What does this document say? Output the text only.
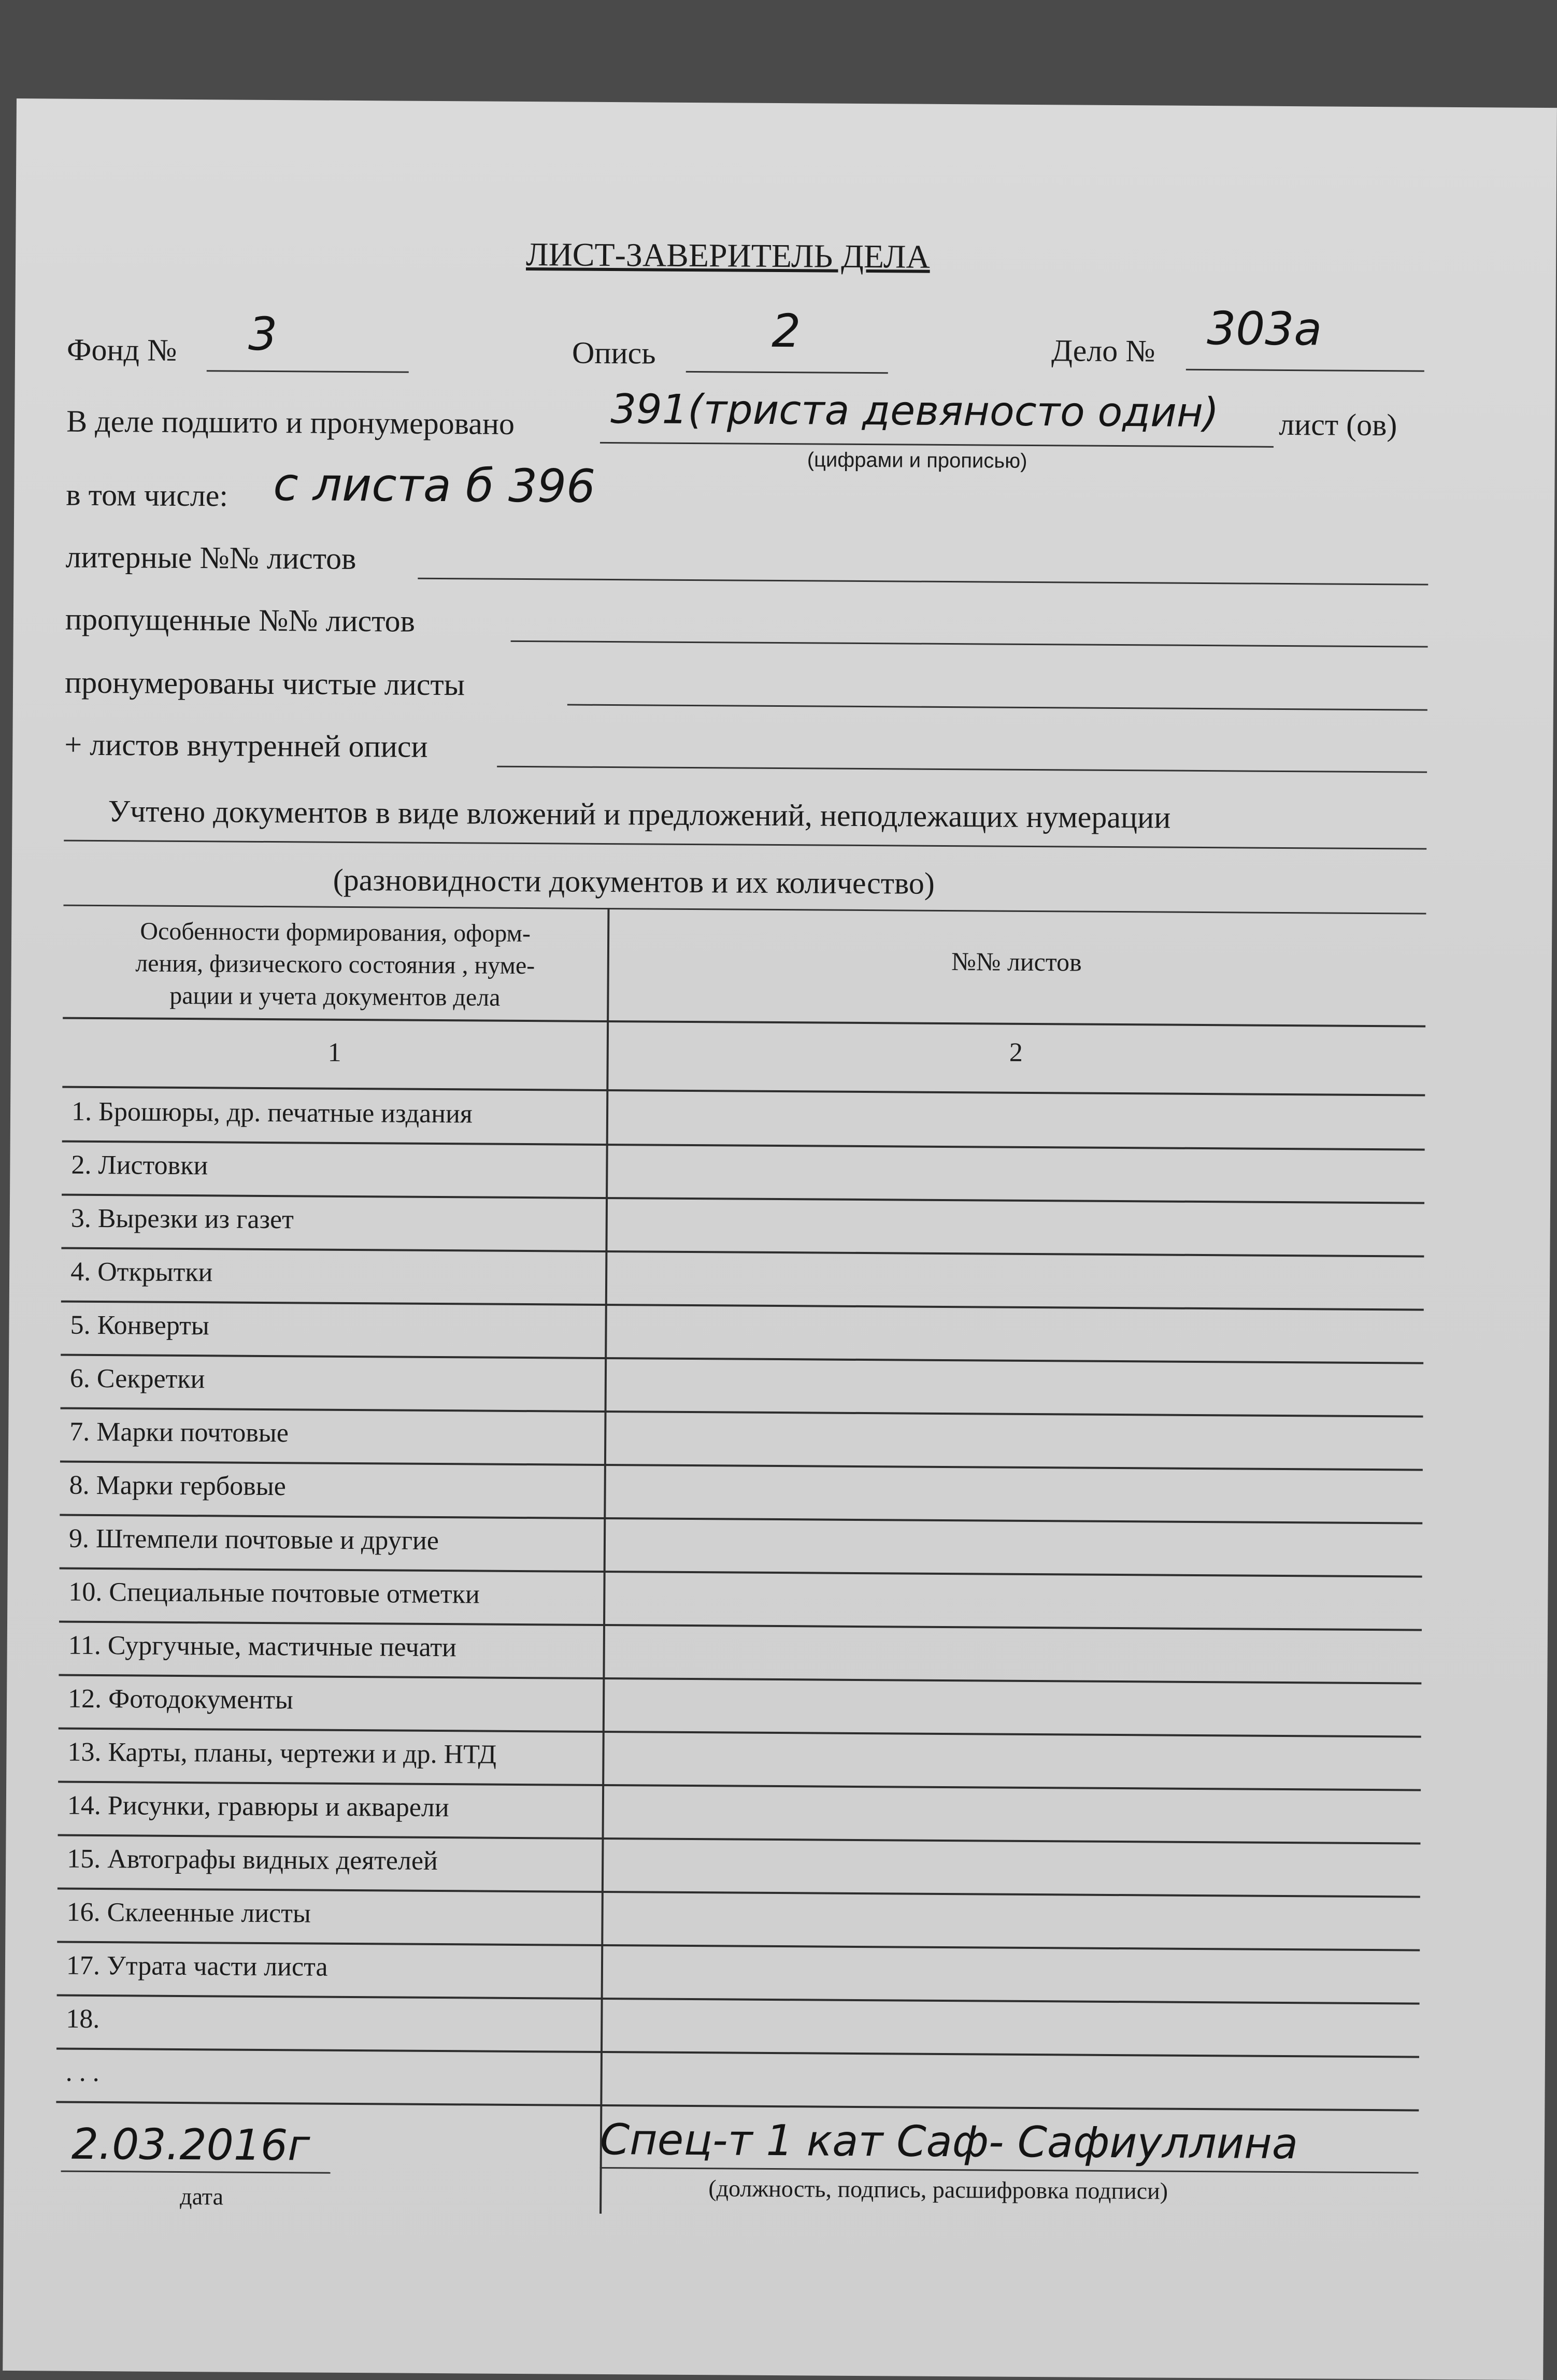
ЛИСТ-ЗАВЕРИТЕЛЬ ДЕЛА
Фонд № 3	Опись	2	Дело № 303а
В деле подшито и пронумеровано 391(триста девяносто один) лист (ов)
(цифрами и прописью)
в том числе: с листа б 396
литерные №№ листов
пропущенные №№ листов
пронумерованы чистые листы
+ листов внутренней описи
Учтено документов в виде вложений и предложений, неподлежащих нумерации
(разновидности документов и их количество)
Особенности формирования, оформ-
ления, физического состояния , нуме-
рации и учета документов дела
№№ листов
1	2
1. Брошюры, др. печатные издания
2. Листовки
3. Вырезки из газет
4. Открытки
5. Конверты
6. Секретки
7. Марки почтовые
8. Марки гербовые
9. Штемпели почтовые и другие
10. Специальные почтовые отметки
11. Сургучные, мастичные печати
12. Фотодокументы
13. Карты, планы, чертежи и др. НТД
14. Рисунки, гравюры и акварели
15. Автографы видных деятелей
16. Склеенные листы
17. Утрата части листа
18.
. . .
2.03.2016г
дата
Спец-т 1 кат Саф- Сафиуллина
(должность, подпись, расшифровка подписи)
